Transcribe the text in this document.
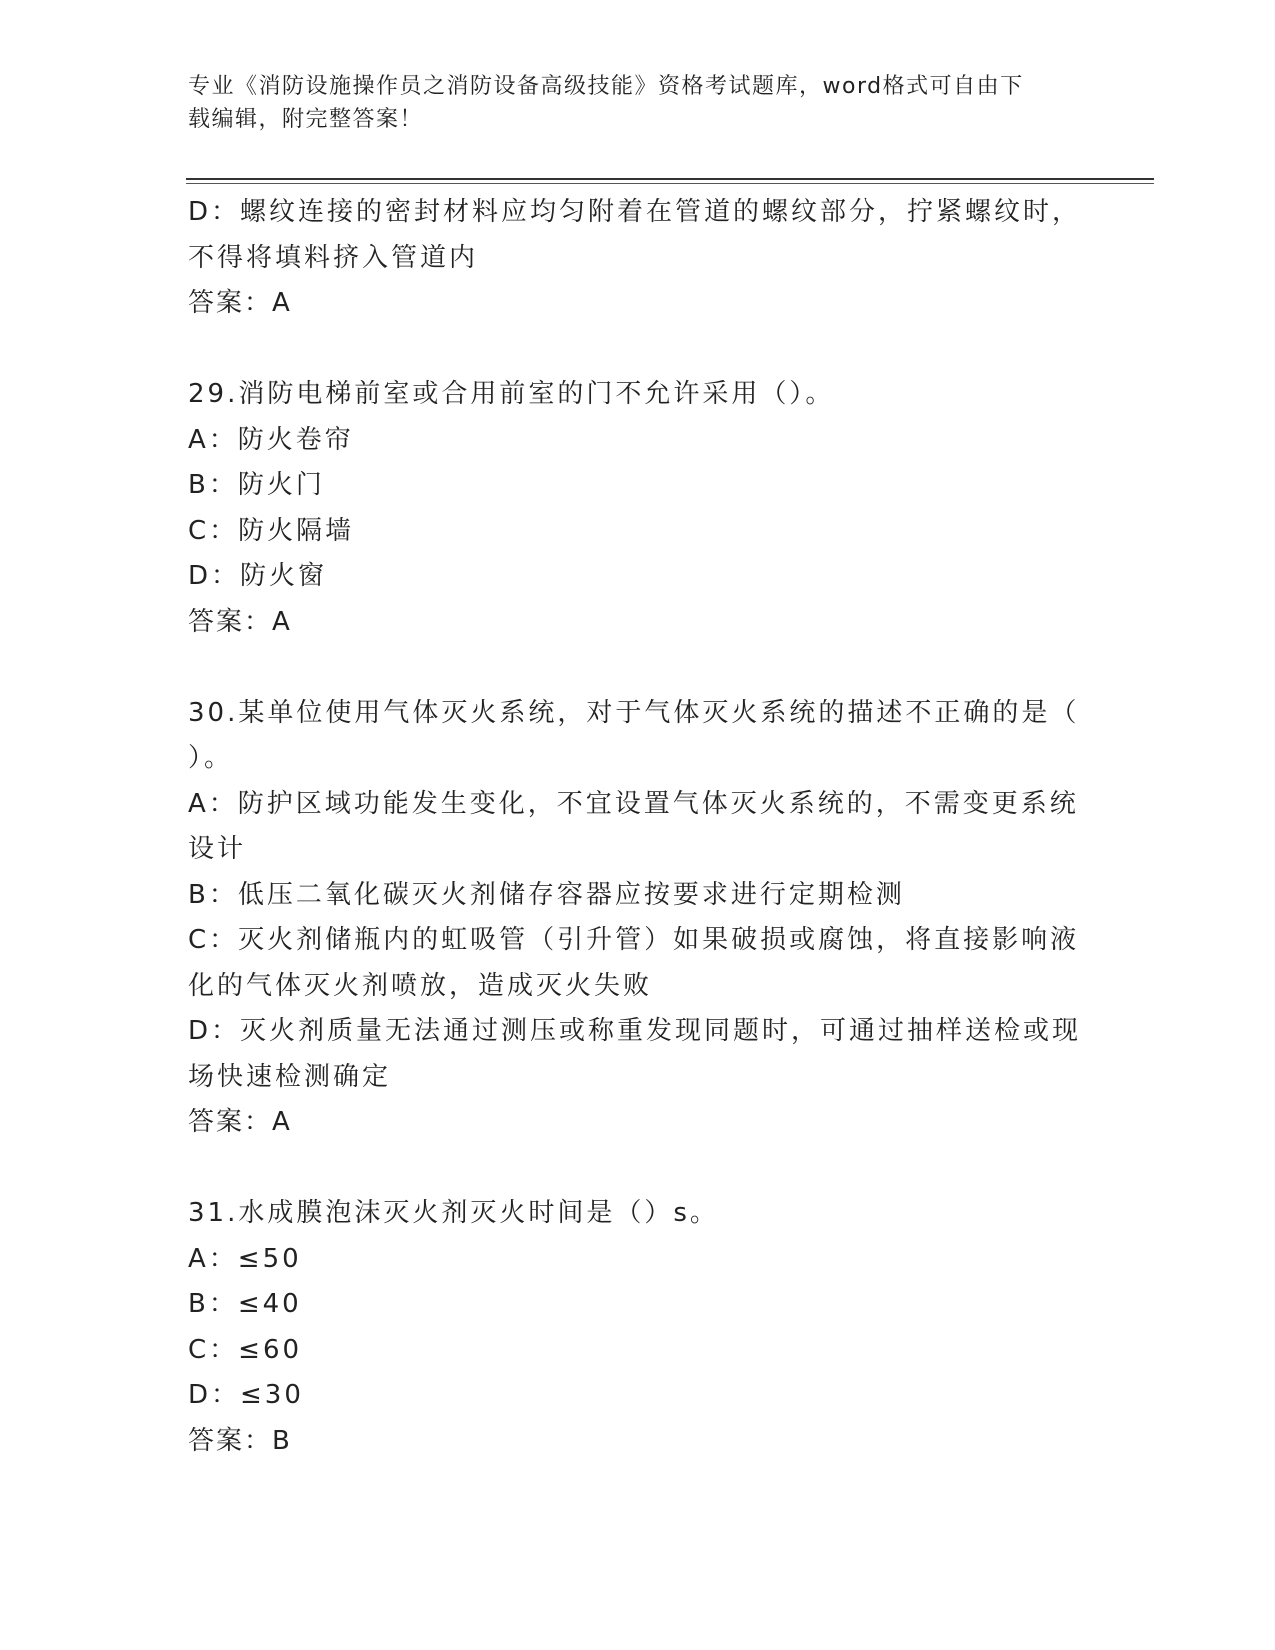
专业《消防设施操作员之消防设备高级技能》资格考试题库，word格式可自由下
载编辑，附完整答案！
D：螺纹连接的密封材料应均匀附着在管道的螺纹部分，拧紧螺纹时，
不得将填料挤入管道内
答案：A
29.消防电梯前室或合用前室的门不允许采用（）。
A：防火卷帘
B：防火门
C：防火隔墙
D：防火窗
答案：A
30.某单位使用气体灭火系统，对于气体灭火系统的描述不正确的是（
）。
A：防护区域功能发生变化，不宜设置气体灭火系统的，不需变更系统
设计
B：低压二氧化碳灭火剂储存容器应按要求进行定期检测
C：灭火剂储瓶内的虹吸管（引升管）如果破损或腐蚀，将直接影响液
化的气体灭火剂喷放，造成灭火失败
D：灭火剂质量无法通过测压或称重发现同题时，可通过抽样送检或现
场快速检测确定
答案：A
31.水成膜泡沫灭火剂灭火时间是（）s。
A：≤50
B：≤40
C：≤60
D：≤30
答案：B
